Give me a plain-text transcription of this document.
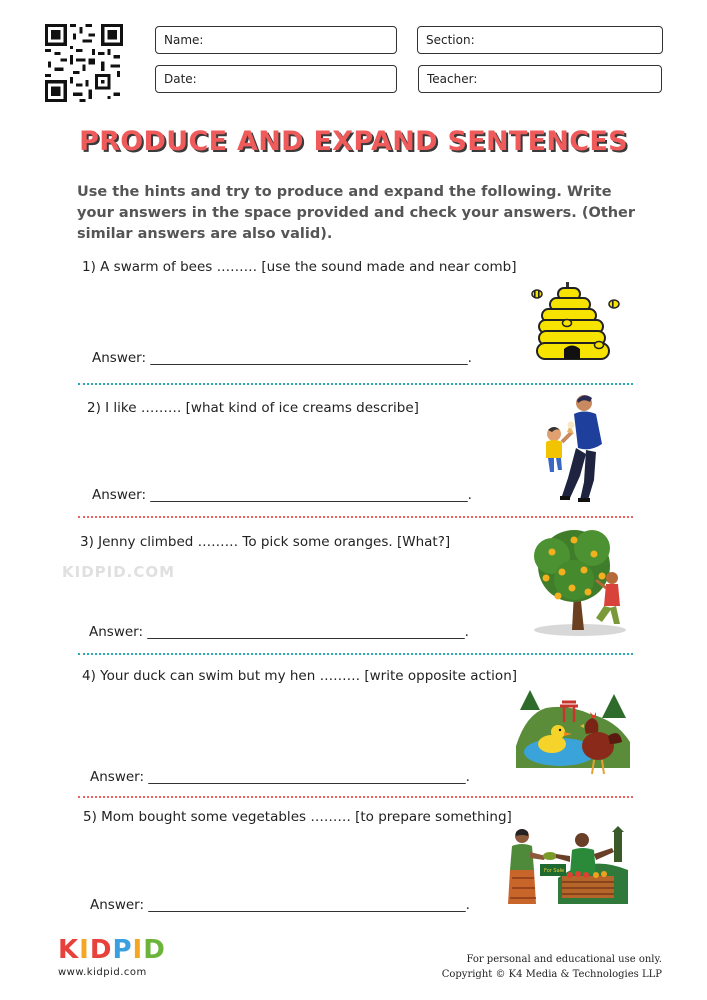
Name:	Section:
Date:	Teacher:
PRODUCE AND EXPAND SENTENCES
Use the hints and try to produce and expand the following. Write your answers in the space provided and check your answers. (Other similar answers are also valid).
KIDPID.COM
1) A swarm of bees ……… [use the sound made and near comb]
Answer: _______________________________________________.
2) I like ……… [what kind of ice creams describe]
Answer: _______________________________________________.
3) Jenny climbed ……… To pick some oranges. [What?]
Answer: _______________________________________________.
4) Your duck can swim but my hen ……… [write opposite action]
Answer: _______________________________________________.
5) Mom bought some vegetables ……… [to prepare something]
For Sale
Answer: _______________________________________________.
KIDPID
www.kidpid.com
For personal and educational use only.
Copyright © K4 Media & Technologies LLP
